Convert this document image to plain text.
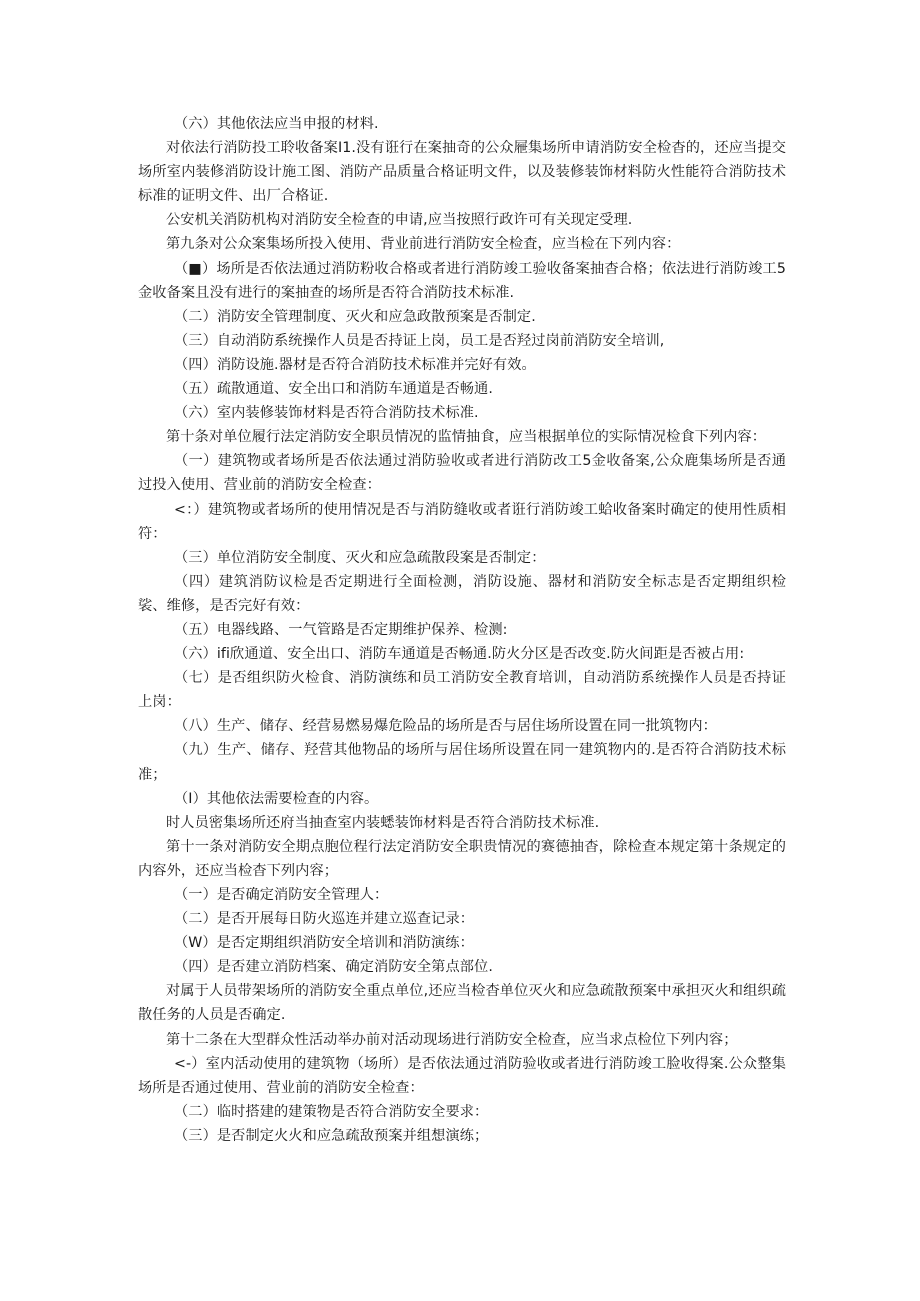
（六）其他依法应当申报的材料.

对依法行消防投工聆收备案I1.没有诳行在案抽奇的公众屜集场所申请消防安全检杳的，还应当提交场所室内装修消防设计施工图、消防产品质量合格证明文件，以及装修装饰材料防火性能符合消防技术标准的证明文件、出厂合格证.

公安机关消防机构对消防安全检查的申请,应当按照行政许可有关现定受理.

第九条对公众案集场所投入使用、背业前进行消防安全检査，应当检在下列内容：

（■）场所是否依法通过消防粉收合格或者进行消防竣工验收备案抽杳合格；依法进行消防竣工5金收备案且没有进行的案抽查的场所是否符合消防技术标准.

（二）消防安全管理制度、灭火和应急政散预案是否制定.

（三）自动消防系统操作人员是否持证上岗，员工是否羟过岗前消防安全培训,

（四）消防设施.器材是否符合消防技术标准并完好有效。

（五）疏散通道、安全出口和消防车通道是否畅通.

（六）室内装修装饰材料是否符合消防技术标准.

第十条对单位履行法定消防安全职员情况的监情抽食，应当根据单位的实际情况检食下列内容：

（一）建筑物或者场所是否依法通过消防验收或者进行消防改工5金收备案,公众鹿集场所是否通过投入使用、营业前的消防安全检查：

<：）建筑物或者场所的使用情况是否与消防缝收或者诳行消防竣工蛤收备案时确定的使用性质相符：

（三）单位消防安全制度、灭火和应急疏散段案是否制定：

（四）建筑消防议检是否定期进行全面检测，消防设施、器材和消防安全标志是否定期组织检裟、维修，是否完好有效：

（五）电器线路、一气管路是否定期维护保养、检测:

（六）ifi欣通道、安全出口、消防车通道是否畅通.防火分区是否改变.防火间距是否被占用:

（七）是否组织防火检食、消防演练和员工消防安全教育培训，自动消防系统操作人员是否持证上岗：

（八）生产、储存、经营易燃易爆危险品的场所是否与居住场所设置在同一批筑物内：

（九）生产、储存、羟营其他物品的场所与居住场所设置在同一建筑物内的.是否符合消防技术标准；

（I）其他依法需要检查的内容。

时人员密集场所还府当抽查室内装蟋装饰材料是否符合消防技术标准.

第十一条对消防安全期点胞位程行法定消防安全职贵情况的赛德抽杳，除检查本规定第十条规定的内容外，还应当检杳下列内容；

（一）是否确定消防安全管理人：

（二）是否开展每日防火巡连并建立巡查记录：

（W）是否定期组织消防安全培训和消防演练：

（四）是否建立消防档案、确定消防安全第点部位.

对属于人员带架场所的消防安全重点单位,还应当检杳单位灭火和应急疏散预案中承担灭火和组织疏散任务的人员是否确定.

第十二条在大型群众性活动举办前对活动现场进行消防安全检查，应当求点检位下列内容；

<-）室内活动使用的建筑物（场所）是否依法通过消防验收或者进行消防竣工脸收得案.公众整集场所是否通过使用、营业前的消防安全检查：

（二）临时搭建的建策物是否符合消防安全要求：

（三）是否制定火火和应急疏敌预案并组想演练；
